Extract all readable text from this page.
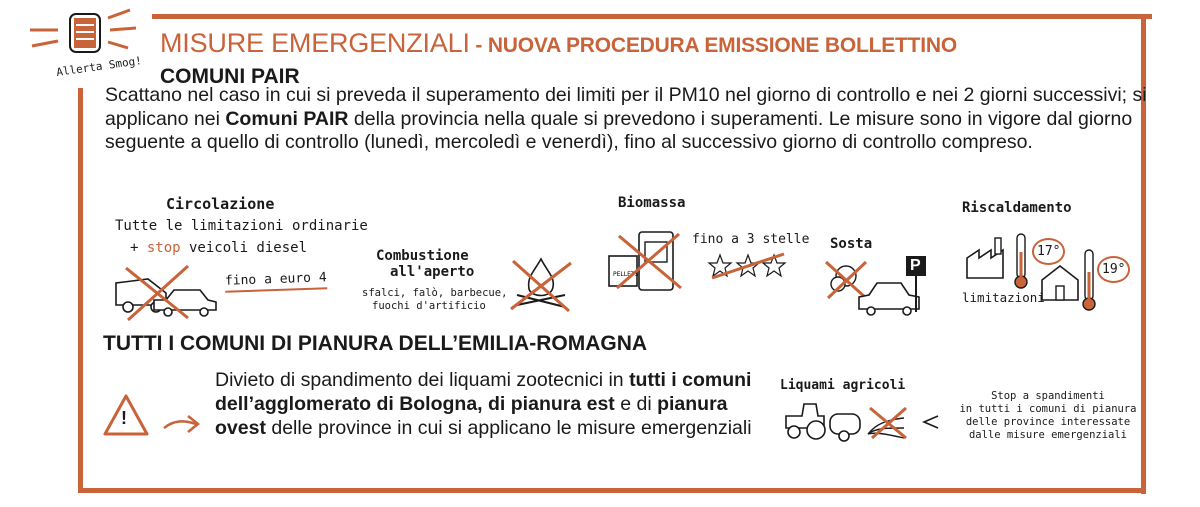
Allerta Smog!
MISURE EMERGENZIALI - NUOVA PROCEDURA EMISSIONE BOLLETTINO
COMUNI PAIR
Scattano nel caso in cui si preveda il superamento dei limiti per il PM10 nel giorno di controllo e nei 2 giorni successivi; si applicano nei Comuni PAIR della provincia nella quale si prevedono i superamenti. Le misure sono in vigore dal giorno seguente a quello di controllo (lunedì, mercoledì e venerdì), fino al successivo giorno di controllo compreso.
Circolazione
Tutte le limitazioni ordinarie
+ stop veicoli diesel
fino a euro 4
Combustione
all'aperto
sfalci, falò, barbecue,
fuochi d'artificio
Biomassa
PELLETS
fino a 3 stelle Sosta
P
Riscaldamento
17°
19°
limitazioni
TUTTI I COMUNI DI PIANURA DELL’EMILIA-ROMAGNA
!
Divieto di spandimento dei liquami zootecnici in tutti i comuni dell’agglomerato di Bologna, di pianura est e di pianura ovest delle province in cui si applicano le misure emergenziali
Liquami agricoli
Stop a spandimenti
in tutti i comuni di pianura
delle province interessate
dalle misure emergenziali
